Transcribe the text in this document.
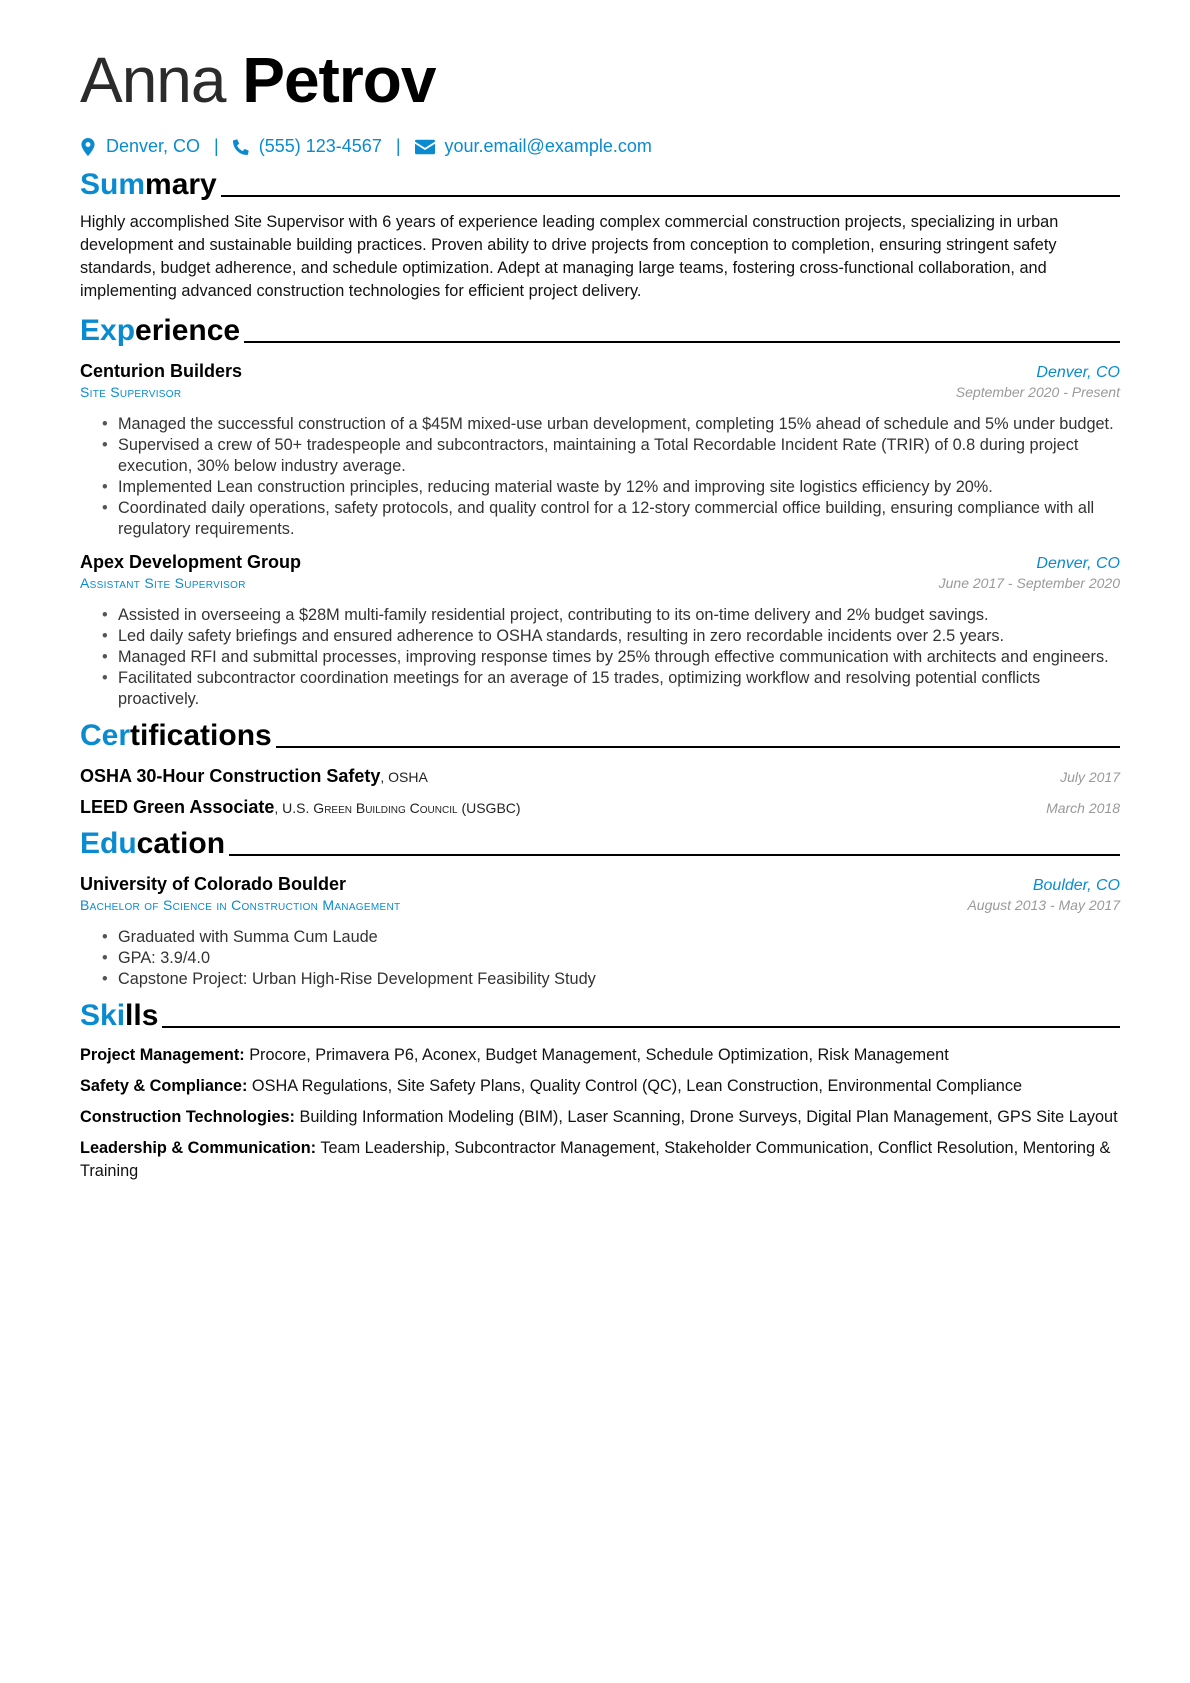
Anna Petrov
Denver, CO | (555) 123-4567 | your.email@example.com
Summary
Highly accomplished Site Supervisor with 6 years of experience leading complex commercial construction projects, specializing in urban development and sustainable building practices. Proven ability to drive projects from conception to completion, ensuring stringent safety standards, budget adherence, and schedule optimization. Adept at managing large teams, fostering cross-functional collaboration, and implementing advanced construction technologies for efficient project delivery.
Experience
Centurion Builders	Denver, CO
Site Supervisor	September 2020 - Present
• Managed the successful construction of a $45M mixed-use urban development, completing 15% ahead of schedule and 5% under budget.
• Supervised a crew of 50+ tradespeople and subcontractors, maintaining a Total Recordable Incident Rate (TRIR) of 0.8 during project execution, 30% below industry average.
• Implemented Lean construction principles, reducing material waste by 12% and improving site logistics efficiency by 20%.
• Coordinated daily operations, safety protocols, and quality control for a 12-story commercial office building, ensuring compliance with all regulatory requirements.
Apex Development Group	Denver, CO
Assistant Site Supervisor	June 2017 - September 2020
• Assisted in overseeing a $28M multi-family residential project, contributing to its on-time delivery and 2% budget savings.
• Led daily safety briefings and ensured adherence to OSHA standards, resulting in zero recordable incidents over 2.5 years.
• Managed RFI and submittal processes, improving response times by 25% through effective communication with architects and engineers.
• Facilitated subcontractor coordination meetings for an average of 15 trades, optimizing workflow and resolving potential conflicts proactively.
Certifications
OSHA 30-Hour Construction Safety, OSHA	July 2017
LEED Green Associate, U.S. Green Building Council (USGBC)	March 2018
Education
University of Colorado Boulder	Boulder, CO
Bachelor of Science in Construction Management	August 2013 - May 2017
• Graduated with Summa Cum Laude
• GPA: 3.9/4.0
• Capstone Project: Urban High-Rise Development Feasibility Study
Skills
Project Management: Procore, Primavera P6, Aconex, Budget Management, Schedule Optimization, Risk Management
Safety & Compliance: OSHA Regulations, Site Safety Plans, Quality Control (QC), Lean Construction, Environmental Compliance
Construction Technologies: Building Information Modeling (BIM), Laser Scanning, Drone Surveys, Digital Plan Management, GPS Site Layout
Leadership & Communication: Team Leadership, Subcontractor Management, Stakeholder Communication, Conflict Resolution, Mentoring & Training
